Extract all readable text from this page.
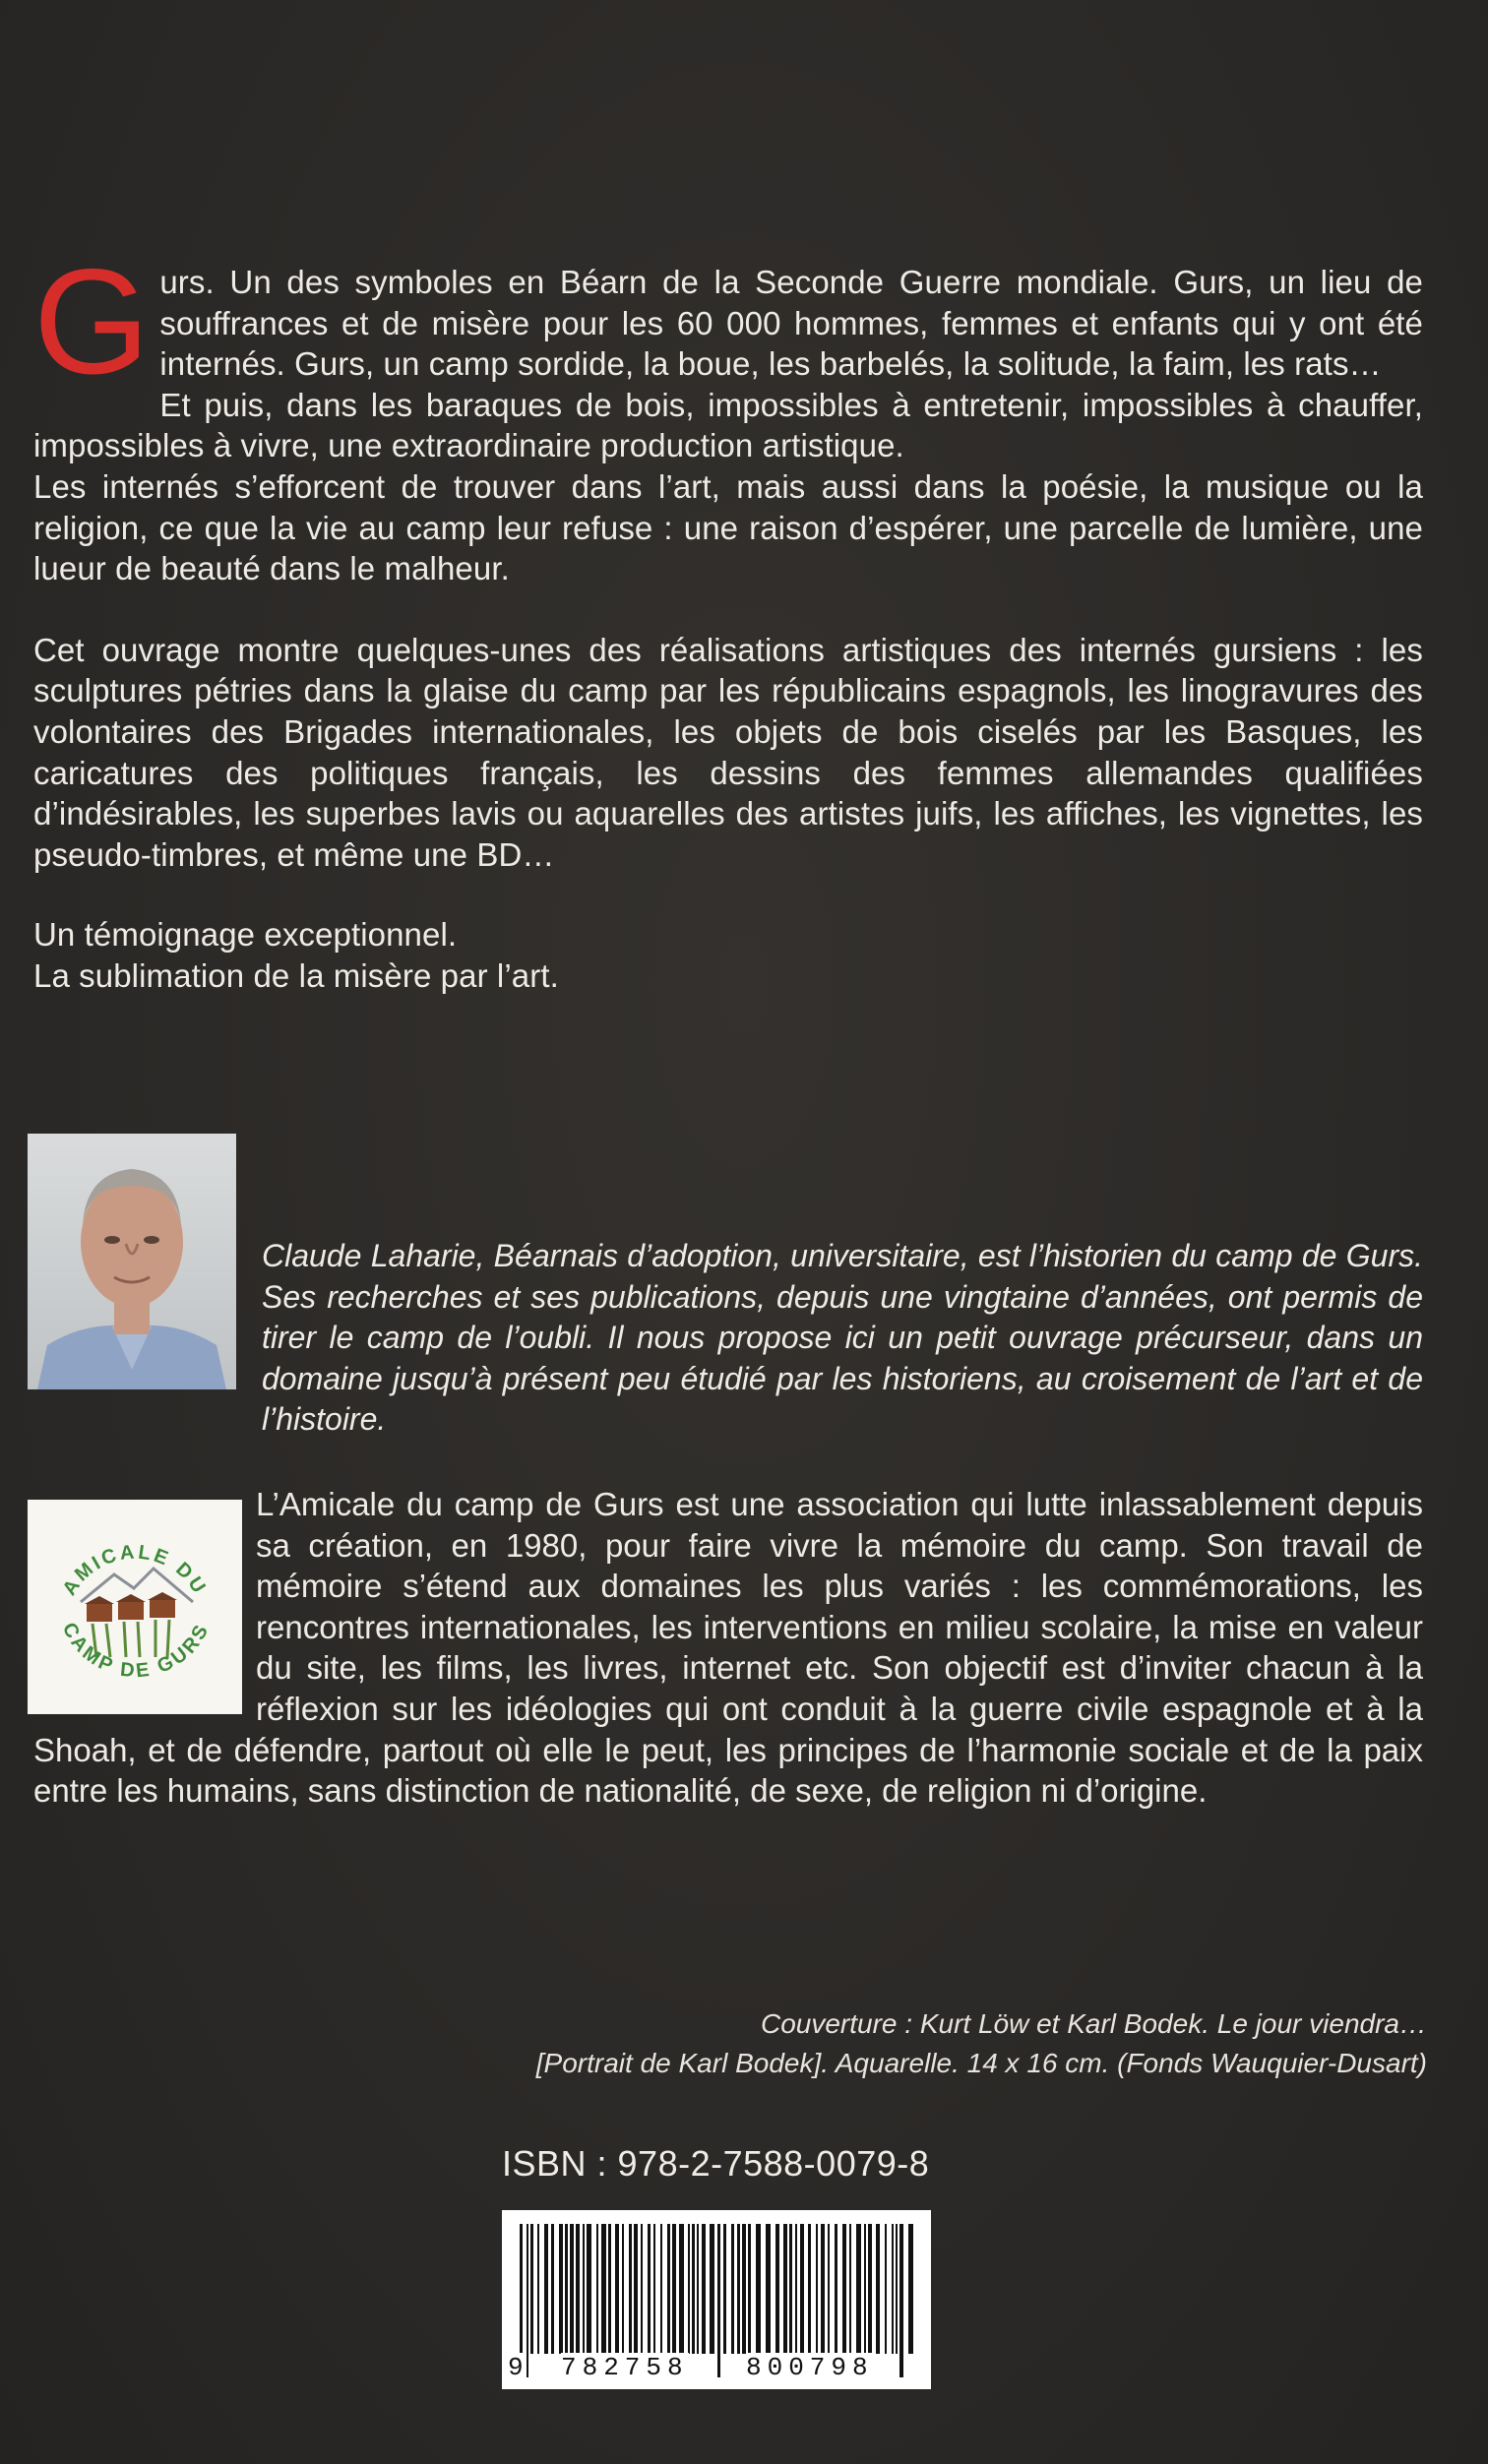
G urs. Un des symboles en Béarn de la Seconde Guerre mondiale. Gurs, un lieu de souffrances et de misère pour les 60 000 hommes, femmes et enfants qui y ont été internés. Gurs, un camp sordide, la boue, les barbelés, la solitude, la faim, les rats…

Et puis, dans les baraques de bois, impossibles à entretenir, impossibles à chauffer, impossibles à vivre, une extraordinaire production artistique.

Les internés s’efforcent de trouver dans l’art, mais aussi dans la poésie, la musique ou la religion, ce que la vie au camp leur refuse : une raison d’espérer, une parcelle de lumière, une lueur de beauté dans le malheur.

Cet ouvrage montre quelques-unes des réalisations artistiques des internés gursiens : les sculptures pétries dans la glaise du camp par les républicains espagnols, les linogravures des volontaires des Brigades internationales, les objets de bois ciselés par les Basques, les caricatures des politiques français, les dessins des femmes allemandes qualifiées d’indésirables, les superbes lavis ou aquarelles des artistes juifs, les affiches, les vignettes, les pseudo-timbres, et même une BD…

Un témoignage exceptionnel.

La sublimation de la misère par l’art.

Claude Laharie, Béarnais d’adoption, universitaire, est l’historien du camp de Gurs. Ses recherches et ses publications, depuis une vingtaine d’années, ont permis de tirer le camp de l’oubli. Il nous propose ici un petit ouvrage précurseur, dans un domaine jusqu’à présent peu étudié par les historiens, au croisement de l’art et de l’histoire.

L’Amicale du camp de Gurs est une association qui lutte inlassablement depuis sa création, en 1980, pour faire vivre la mémoire du camp. Son travail de mémoire s’étend aux domaines les plus variés : les commémorations, les rencontres internationales, les interventions en milieu scolaire, la mise en valeur du site, les films, les livres, internet etc. Son objectif est d’inviter chacun à la réflexion sur les idéologies qui ont conduit à la guerre civile espagnole et à la Shoah, et de défendre, partout où elle le peut, les principes de l’harmonie sociale et de la paix entre les humains, sans distinction de nationalité, de sexe, de religion ni d’origine.

AMICALE DU
CAMP DE GURS
Couverture : Kurt Löw et Karl Bodek. Le jour viendra…
[Portrait de Karl Bodek]. Aquarelle. 14 x 16 cm. (Fonds Wauquier-Dusart)
ISBN : 978-2-7588-0079-8
9 782758 800798
